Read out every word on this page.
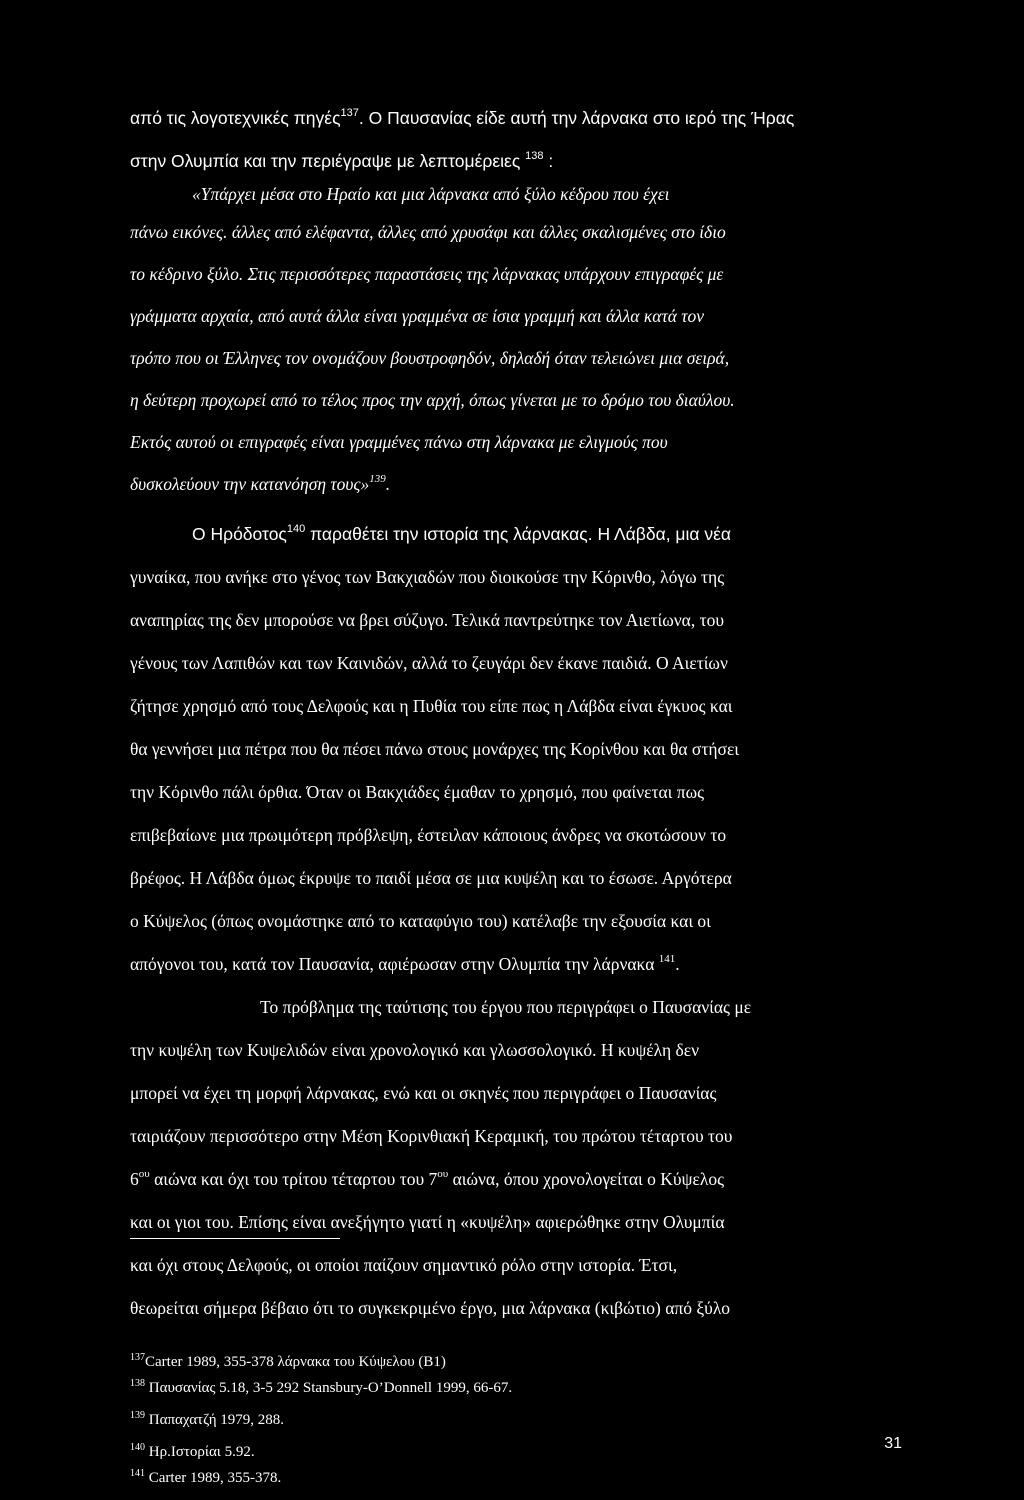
από τις λογοτεχνικές πηγές$^{137}$. Ο Παυσανίας είδε αυτή την λάρνακα στο ιερό της Ήρας
στην Ολυμπία και την περιέγραψε με λεπτομέρειες $^{138}$ :
«Υπάρχει μέσα στο Ηραίο και μια λάρνακα από ξύλο κέδρου που έχει
πάνω εικόνες. άλλες από ελέφαντα, άλλες από χρυσάφι και άλλες σκαλισμένες στο ίδιο
το κέδρινο ξύλο. Στις περισσότερες παραστάσεις της λάρνακας υπάρχουν επιγραφές με
γράμματα αρχαία, από αυτά άλλα είναι γραμμένα σε ίσια γραμμή και άλλα κατά τον
τρόπο που οι Έλληνες τον ονομάζουν βουστροφηδόν, δηλαδή όταν τελειώνει μια σειρά,
η δεύτερη προχωρεί από το τέλος προς την αρχή, όπως γίνεται με το δρόμο του διαύλου.
Εκτός αυτού οι επιγραφές είναι γραμμένες πάνω στη λάρνακα με ελιγμούς που
δυσκολεύουν την κατανόηση τους»$^{139}$.
Ο Ηρόδοτος$^{140}$ παραθέτει την ιστορία της λάρνακας. Η Λάβδα, μια νέα
γυναίκα, που ανήκε στο γένος των Βακχιαδών που διοικούσε την Κόρινθο, λόγω της
αναπηρίας της δεν μπορούσε να βρει σύζυγο. Τελικά παντρεύτηκε τον Αιετίωνα, του
γένους των Λαπιθών και των Καινιδών, αλλά το ζευγάρι δεν έκανε παιδιά. Ο Αιετίων
ζήτησε χρησμό από τους Δελφούς και η Πυθία του είπε πως η Λάβδα είναι έγκυος και
θα γεννήσει μια πέτρα που θα πέσει πάνω στους μονάρχες της Κορίνθου και θα στήσει
την Κόρινθο πάλι όρθια. Όταν οι Βακχιάδες έμαθαν το χρησμό, που φαίνεται πως
επιβεβαίωνε μια πρωιμότερη πρόβλεψη, έστειλαν κάποιους άνδρες να σκοτώσουν το
βρέφος. Η Λάβδα όμως έκρυψε το παιδί μέσα σε μια κυψέλη και το έσωσε. Αργότερα
ο Κύψελος (όπως ονομάστηκε από το καταφύγιο του) κατέλαβε την εξουσία και οι
απόγονοι του, κατά τον Παυσανία, αφιέρωσαν στην Ολυμπία την λάρνακα $^{141}$.
Το πρόβλημα της ταύτισης του έργου που περιγράφει ο Παυσανίας με
την κυψέλη των Κυψελιδών είναι χρονολογικό και γλωσσολογικό. Η κυψέλη δεν
μπορεί να έχει τη μορφή λάρνακας, ενώ και οι σκηνές που περιγράφει ο Παυσανίας
ταιριάζουν περισσότερο στην Μέση Κορινθιακή Κεραμική, του πρώτου τέταρτου του
$6^{o\upsilon}$ αιώνα και όχι του τρίτου τέταρτου του $7^{o\upsilon}$ αιώνα, όπου χρονολογείται ο Κύψελος
και οι γιοι του. Επίσης είναι ανεξήγητο γιατί η «κυψέλη» αφιερώθηκε στην Ολυμπία
και όχι στους Δελφούς, οι οποίοι παίζουν σημαντικό ρόλο στην ιστορία. Έτσι,
θεωρείται σήμερα βέβαιο ότι το συγκεκριμένο έργο, μια λάρνακα (κιβώτιο) από ξύλο
$^{137}$Carter 1989, 355-378 λάρνακα του Κύψελου (Β1)
$^{138}$ Παυσανίας 5.18, 3-5 292 Stansbury-O’Donnell 1999, 66-67.
$^{139}$ Παπαχατζή 1979, 288.
$^{140}$ Ηρ.Ιστορίαι 5.92.
$^{141}$ Carter 1989, 355-378.
31
